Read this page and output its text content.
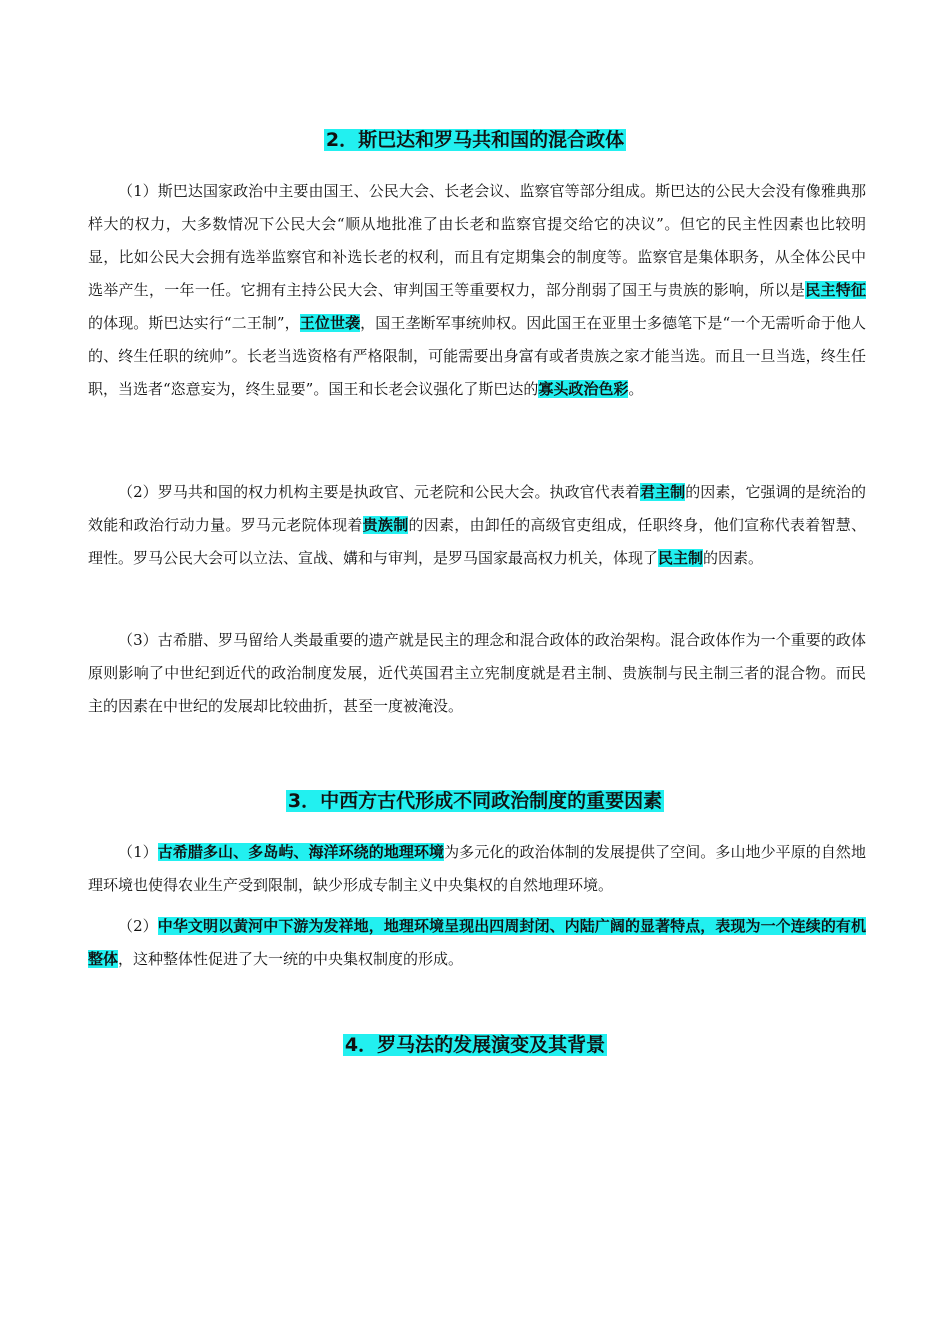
2．斯巴达和罗马共和国的混合政体

（1）斯巴达国家政治中主要由国王、公民大会、长老会议、监察官等部分组成。斯巴达的公民大会没有像雅典那样大的权力，大多数情况下公民大会“顺从地批准了由长老和监察官提交给它的决议”。但它的民主性因素也比较明显，比如公民大会拥有选举监察官和补选长老的权利，而且有定期集会的制度等。监察官是集体职务，从全体公民中选举产生，一年一任。它拥有主持公民大会、审判国王等重要权力，部分削弱了国王与贵族的影响，所以是民主特征的体现。斯巴达实行“二王制”，王位世袭，国王垄断军事统帅权。因此国王在亚里士多德笔下是“一个无需听命于他人的、终生任职的统帅”。长老当选资格有严格限制，可能需要出身富有或者贵族之家才能当选。而且一旦当选，终生任职，当选者“恣意妄为，终生显要”。国王和长老会议强化了斯巴达的寡头政治色彩。

（2）罗马共和国的权力机构主要是执政官、元老院和公民大会。执政官代表着君主制的因素，它强调的是统治的效能和政治行动力量。罗马元老院体现着贵族制的因素，由卸任的高级官吏组成，任职终身，他们宣称代表着智慧、理性。罗马公民大会可以立法、宣战、媾和与审判，是罗马国家最高权力机关，体现了民主制的因素。

（3）古希腊、罗马留给人类最重要的遗产就是民主的理念和混合政体的政治架构。混合政体作为一个重要的政体原则影响了中世纪到近代的政治制度发展，近代英国君主立宪制度就是君主制、贵族制与民主制三者的混合物。而民主的因素在中世纪的发展却比较曲折，甚至一度被淹没。

3．中西方古代形成不同政治制度的重要因素

（1）古希腊多山、多岛屿、海洋环绕的地理环境为多元化的政治体制的发展提供了空间。多山地少平原的自然地理环境也使得农业生产受到限制，缺少形成专制主义中央集权的自然地理环境。

（2）中华文明以黄河中下游为发祥地，地理环境呈现出四周封闭、内陆广阔的显著特点，表现为一个连续的有机整体，这种整体性促进了大一统的中央集权制度的形成。

4．罗马法的发展演变及其背景
